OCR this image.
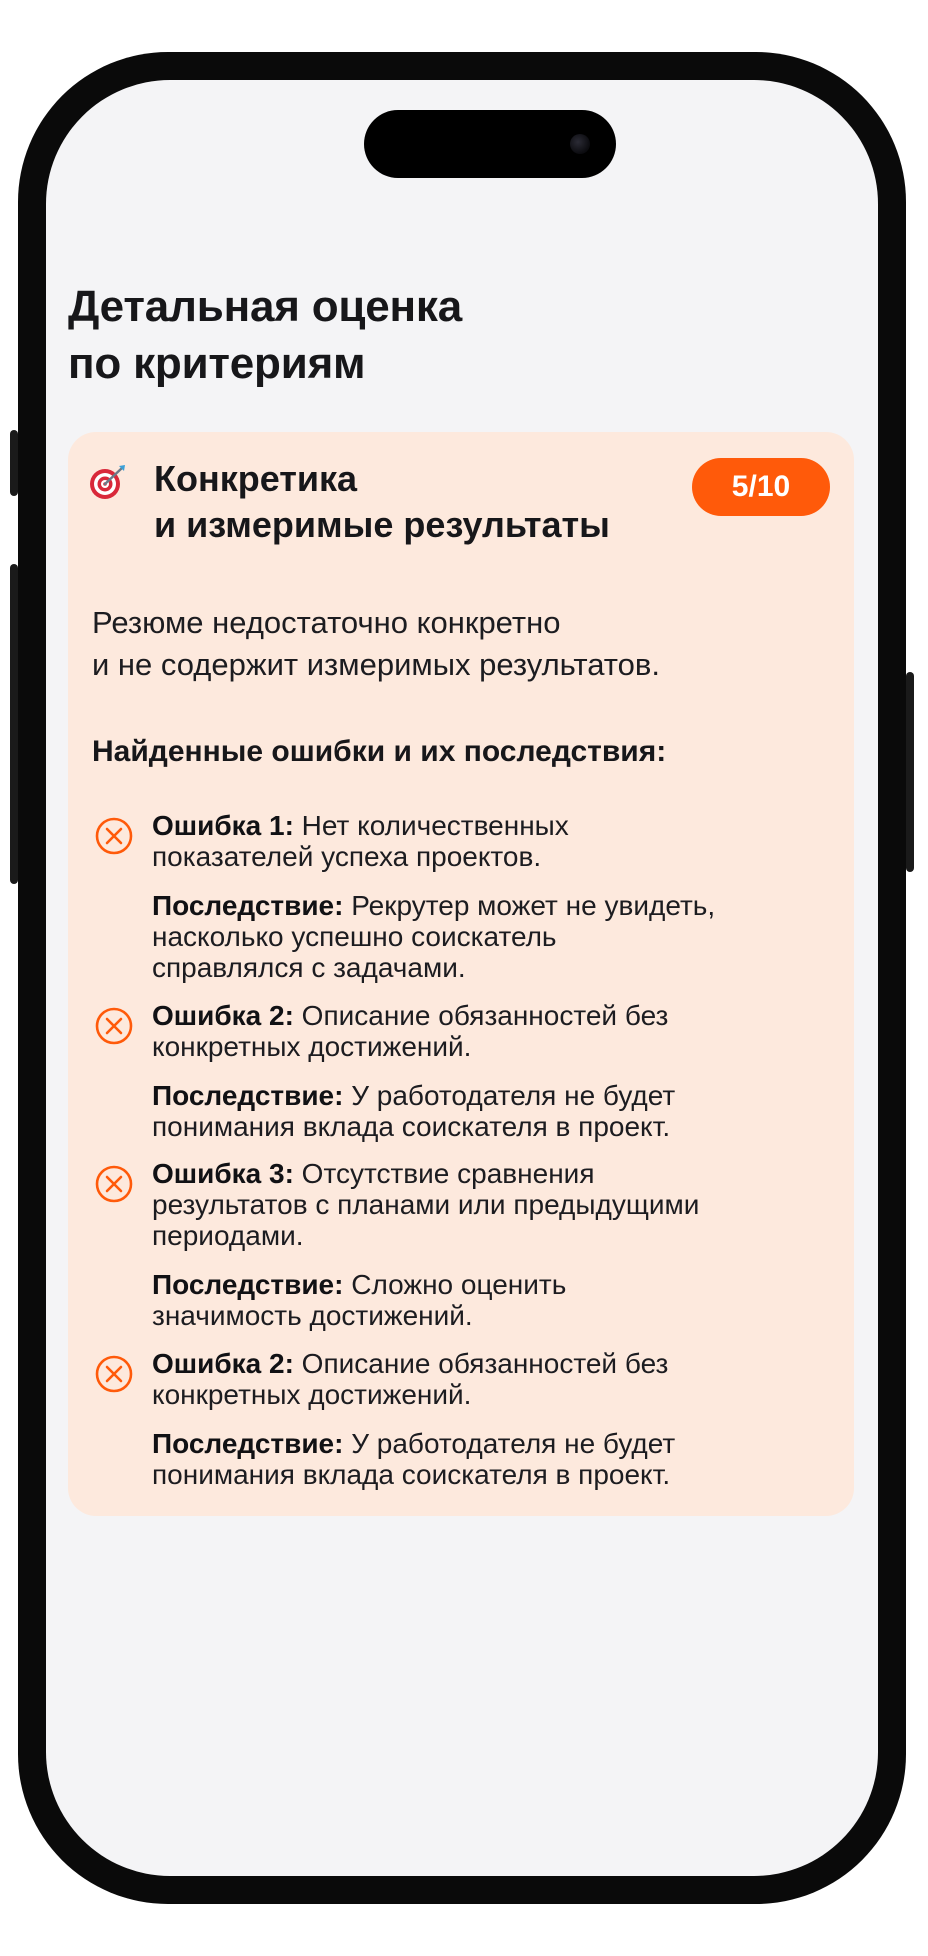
Детальная оценка
по критериям
Конкретика
и измеримые результаты
5/10

Резюме недостаточно конкретно
и не содержит измеримых результатов.

Найденные ошибки и их последствия:

Ошибка 1: Нет количественных
показателей успеха проектов.

Последствие: Рекрутер может не увидеть,
насколько успешно соискатель
справлялся с задачами.

Ошибка 2: Описание обязанностей без
конкретных достижений.

Последствие: У работодателя не будет
понимания вклада соискателя в проект.

Ошибка 3: Отсутствие сравнения
результатов с планами или предыдущими
периодами.

Последствие: Сложно оценить
значимость достижений.

Ошибка 2: Описание обязанностей без
конкретных достижений.

Последствие: У работодателя не будет
понимания вклада соискателя в проект.
